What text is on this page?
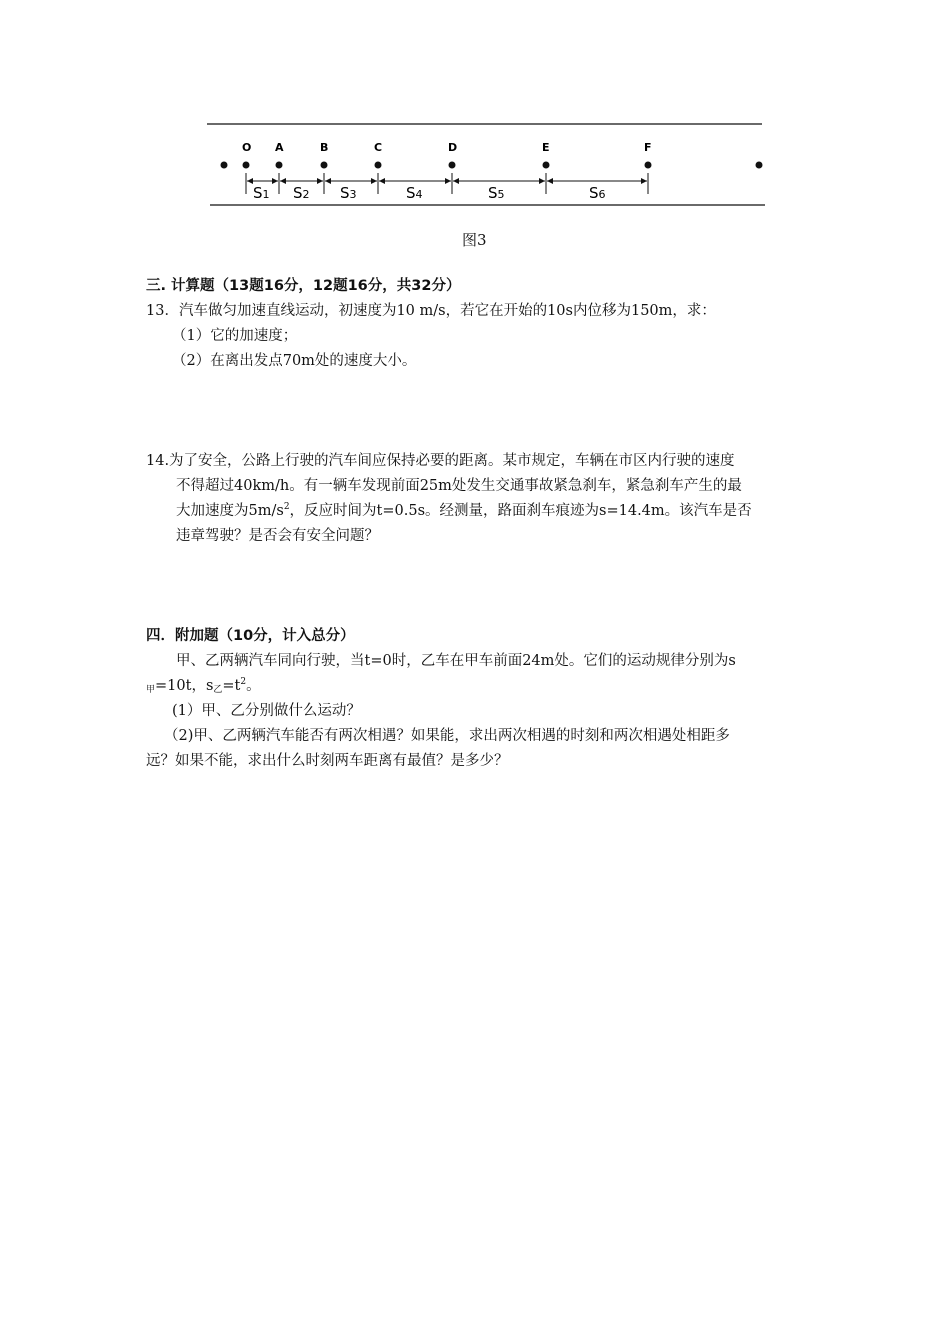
O A	B	C	D	E	F
S1 S2 S3	S4	S5	S6
图3
三. 计算题（13题16分，12题16分，共32分）
13．汽车做匀加速直线运动，初速度为10 m/s，若它在开始的10s内位移为150m，求：
（1）它的加速度；
（2）在离出发点70m处的速度大小。
14.为了安全，公路上行驶的汽车间应保持必要的距离。某市规定，车辆在市区内行驶的速度
不得超过40km/h。有一辆车发现前面25m处发生交通事故紧急刹车，紧急刹车产生的最
大加速度为$5m/s^2$，反应时间为t=0.5s。经测量，路面刹车痕迹为s=14.4m。该汽车是否
违章驾驶？是否会有安全问题？
四．附加题（10分，计入总分）
甲、乙两辆汽车同向行驶，当t=0时，乙车在甲车前面24m处。它们的运动规律分别为s
$_甲$=10t，$s_乙=t^2$。
(1）甲、乙分别做什么运动？
（2)甲、乙两辆汽车能否有两次相遇？如果能，求出两次相遇的时刻和两次相遇处相距多
远？如果不能，求出什么时刻两车距离有最值？是多少？
